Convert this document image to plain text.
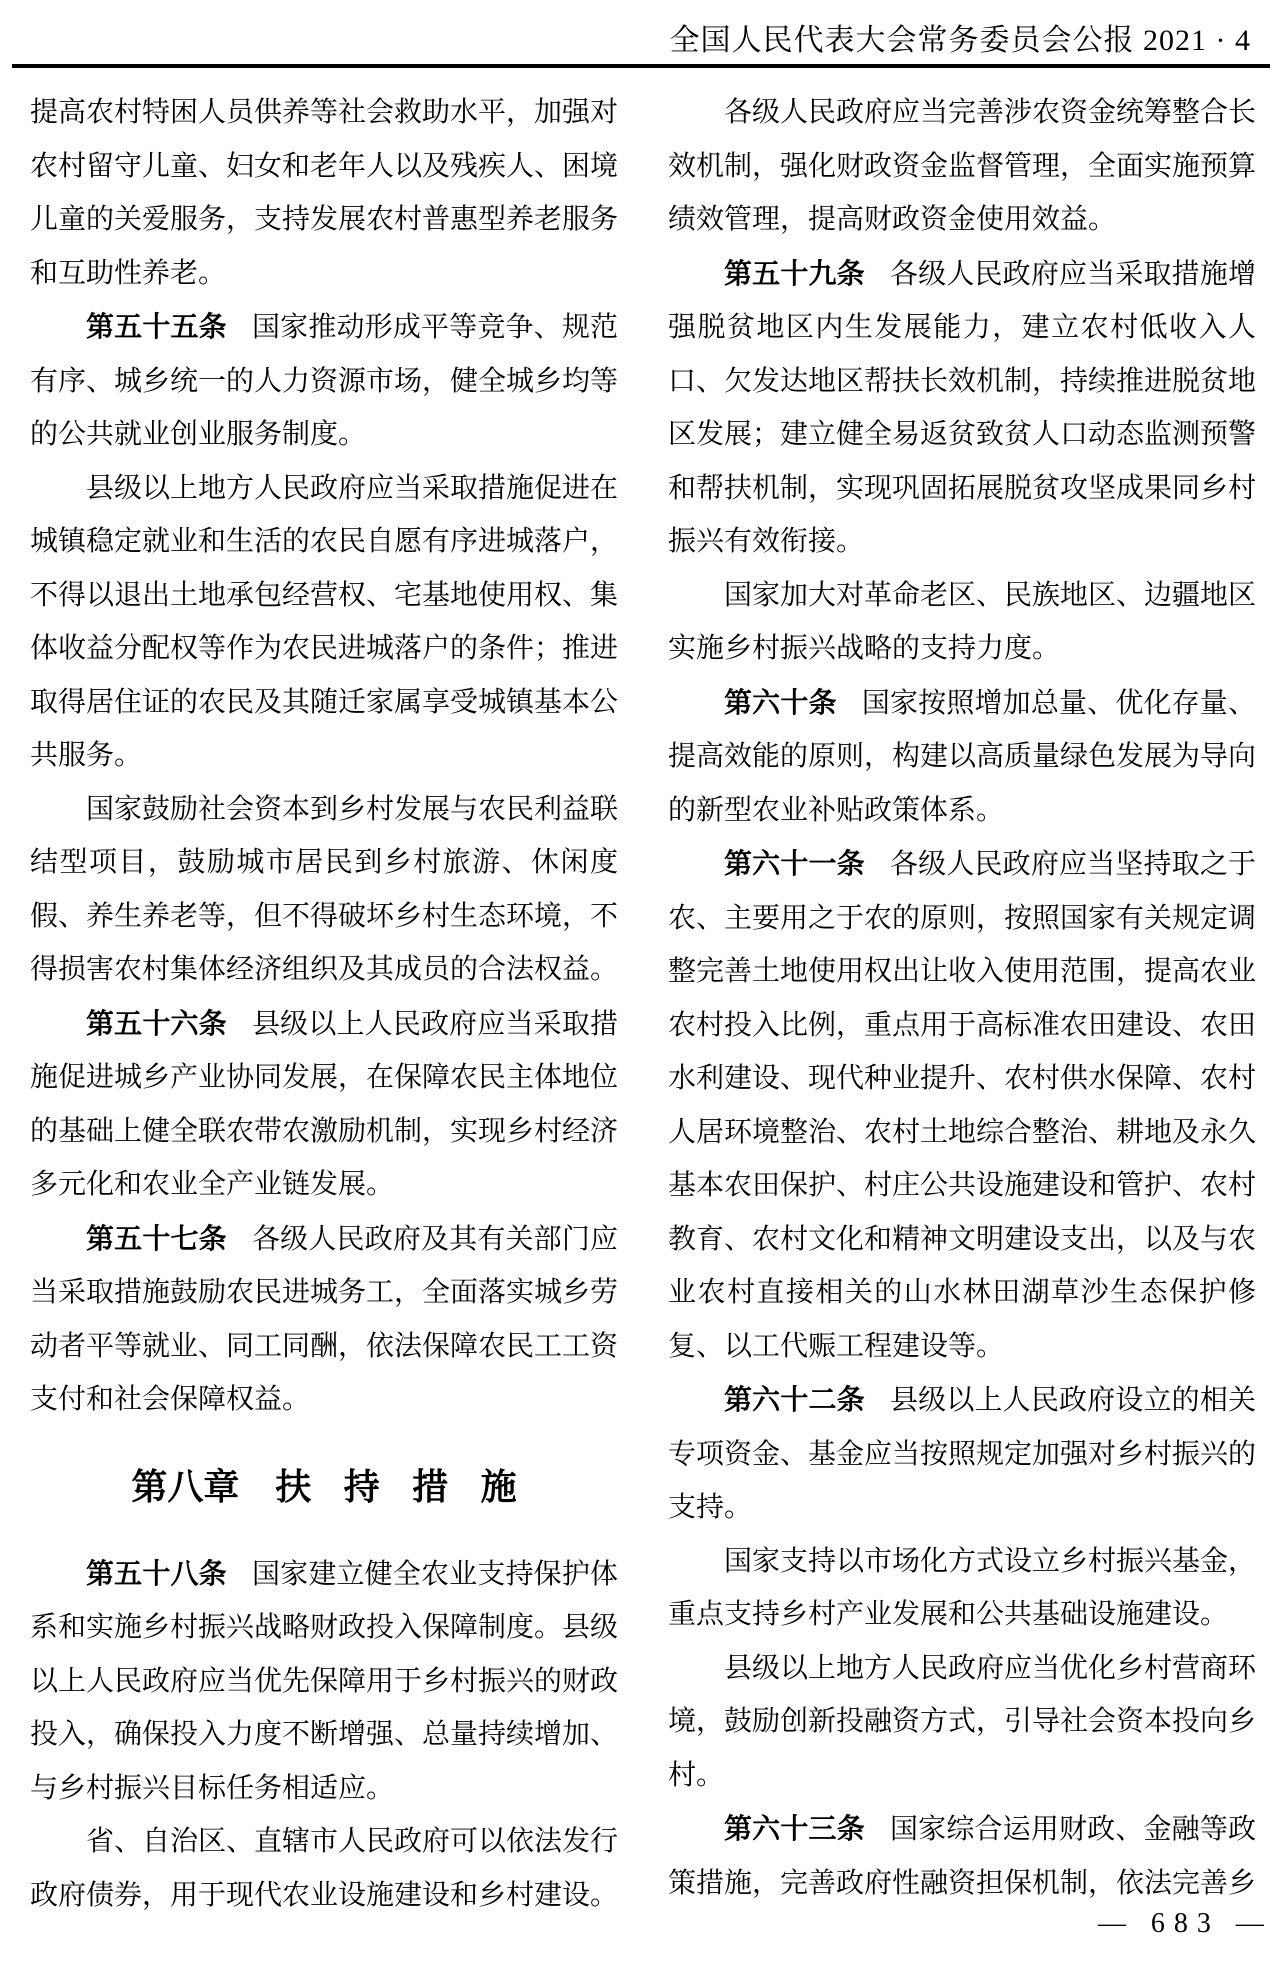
全国人民代表大会常务委员会公报 2021 · 4

提高农村特困人员供养等社会救助水平，加强对农村留守儿童、妇女和老年人以及残疾人、困境儿童的关爱服务，支持发展农村普惠型养老服务和互助性养老。

第五十五条 国家推动形成平等竞争、规范有序、城乡统一的人力资源市场，健全城乡均等的公共就业创业服务制度。

县级以上地方人民政府应当采取措施促进在城镇稳定就业和生活的农民自愿有序进城落户，不得以退出土地承包经营权、宅基地使用权、集体收益分配权等作为农民进城落户的条件；推进取得居住证的农民及其随迁家属享受城镇基本公共服务。

国家鼓励社会资本到乡村发展与农民利益联结型项目，鼓励城市居民到乡村旅游、休闲度假、养生养老等，但不得破坏乡村生态环境，不得损害农村集体经济组织及其成员的合法权益。

第五十六条 县级以上人民政府应当采取措施促进城乡产业协同发展，在保障农民主体地位的基础上健全联农带农激励机制，实现乡村经济多元化和农业全产业链发展。

第五十七条 各级人民政府及其有关部门应当采取措施鼓励农民进城务工，全面落实城乡劳动者平等就业、同工同酬，依法保障农民工工资支付和社会保障权益。

第八章 扶持措施

第五十八条 国家建立健全农业支持保护体系和实施乡村振兴战略财政投入保障制度。县级以上人民政府应当优先保障用于乡村振兴的财政投入，确保投入力度不断增强、总量持续增加、与乡村振兴目标任务相适应。

省、自治区、直辖市人民政府可以依法发行政府债券，用于现代农业设施建设和乡村建设。

各级人民政府应当完善涉农资金统筹整合长效机制，强化财政资金监督管理，全面实施预算绩效管理，提高财政资金使用效益。

第五十九条 各级人民政府应当采取措施增强脱贫地区内生发展能力，建立农村低收入人口、欠发达地区帮扶长效机制，持续推进脱贫地区发展；建立健全易返贫致贫人口动态监测预警和帮扶机制，实现巩固拓展脱贫攻坚成果同乡村振兴有效衔接。

国家加大对革命老区、民族地区、边疆地区实施乡村振兴战略的支持力度。

第六十条 国家按照增加总量、优化存量、提高效能的原则，构建以高质量绿色发展为导向的新型农业补贴政策体系。

第六十一条 各级人民政府应当坚持取之于农、主要用之于农的原则，按照国家有关规定调整完善土地使用权出让收入使用范围，提高农业农村投入比例，重点用于高标准农田建设、农田水利建设、现代种业提升、农村供水保障、农村人居环境整治、农村土地综合整治、耕地及永久基本农田保护、村庄公共设施建设和管护、农村教育、农村文化和精神文明建设支出，以及与农业农村直接相关的山水林田湖草沙生态保护修复、以工代赈工程建设等。

第六十二条 县级以上人民政府设立的相关专项资金、基金应当按照规定加强对乡村振兴的支持。

国家支持以市场化方式设立乡村振兴基金，重点支持乡村产业发展和公共基础设施建设。

县级以上地方人民政府应当优化乡村营商环境，鼓励创新投融资方式，引导社会资本投向乡村。

第六十三条 国家综合运用财政、金融等政策措施，完善政府性融资担保机制，依法完善乡

— 683 —
